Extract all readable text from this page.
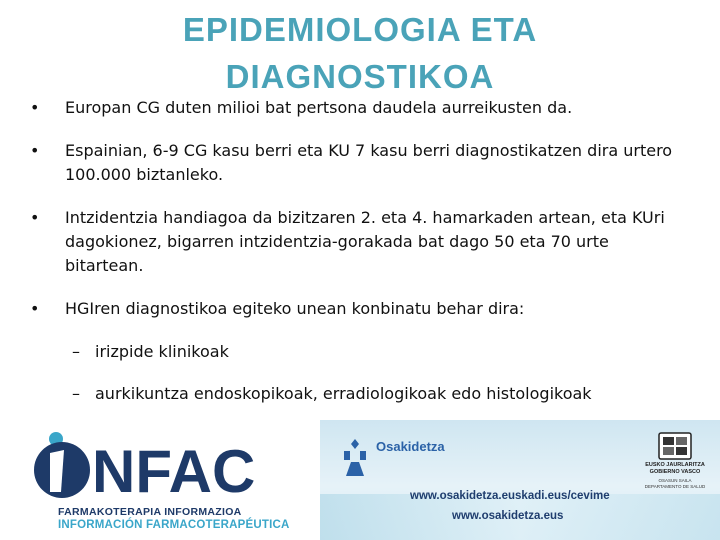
EPIDEMIOLOGIA ETA
DIAGNOSTIKOA
• Europan CG duten milioi bat pertsona daudela aurreikusten da.
• Espainian, 6-9 CG kasu berri eta KU 7 kasu berri diagnostikatzen dira urtero 100.000 biztanleko.
• Intzidentzia handiagoa da bizitzaren 2. eta 4. hamarkaden artean, eta KUri dagokionez, bigarren intzidentzia-gorakada bat dago 50 eta 70 urte bitartean.
• HGIren diagnostikoa egiteko unean konbinatu behar dira:
– irizpide klinikoak
– aurkikuntza endoskopikoak, erradiologikoak edo histologikoak
NFAC
FARMAKOTERAPIA INFORMAZIOA
INFORMACIÓN FARMACOTERAPÉUTICA
Osakidetza
www.osakidetza.euskadi.eus/cevime
www.osakidetza.eus
EUSKO JAURLARITZA
GOBIERNO VASCO
OSASUN SAILA
DEPARTAMENTO DE SALUD
